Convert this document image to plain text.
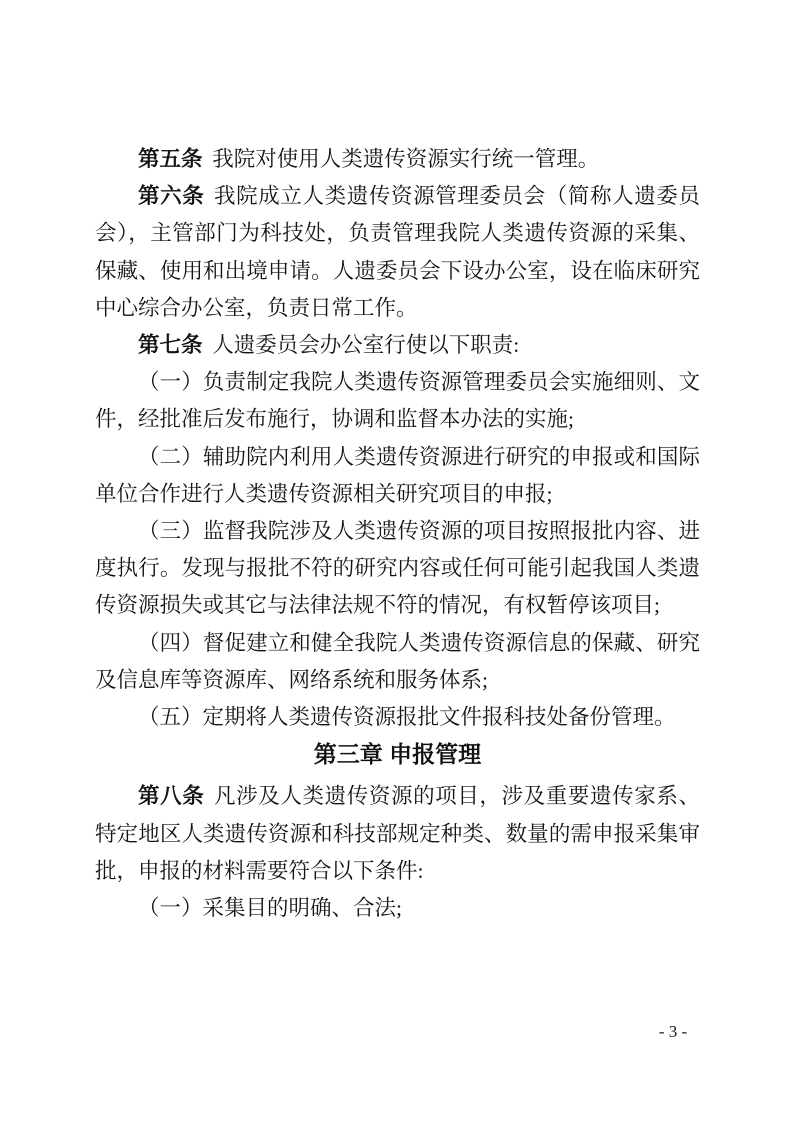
第五条 我院对使用人类遗传资源实行统一管理。

第六条 我院成立人类遗传资源管理委员会（简称人遗委员会），主管部门为科技处，负责管理我院人类遗传资源的采集、保藏、使用和出境申请。人遗委员会下设办公室，设在临床研究中心综合办公室，负责日常工作。

第七条 人遗委员会办公室行使以下职责:

（一）负责制定我院人类遗传资源管理委员会实施细则、文件，经批准后发布施行，协调和监督本办法的实施;

（二）辅助院内利用人类遗传资源进行研究的申报或和国际单位合作进行人类遗传资源相关研究项目的申报;

（三）监督我院涉及人类遗传资源的项目按照报批内容、进度执行。发现与报批不符的研究内容或任何可能引起我国人类遗传资源损失或其它与法律法规不符的情况，有权暂停该项目;

（四）督促建立和健全我院人类遗传资源信息的保藏、研究及信息库等资源库、网络系统和服务体系;

（五）定期将人类遗传资源报批文件报科技处备份管理。

第三章 申报管理

第八条 凡涉及人类遗传资源的项目，涉及重要遗传家系、特定地区人类遗传资源和科技部规定种类、数量的需申报采集审批，申报的材料需要符合以下条件:

（一）采集目的明确、合法;

- 3 -
